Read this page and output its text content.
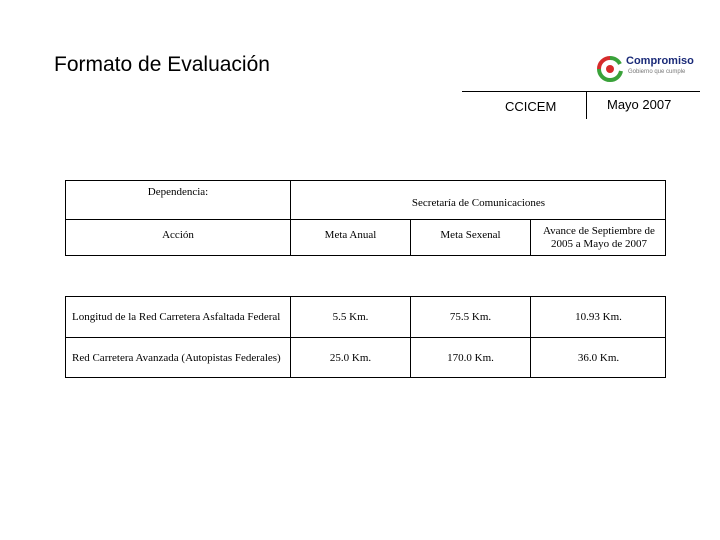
Formato de Evaluación	Compromiso
Gobierno que cumple
CCICEM	Mayo 2007
Dependencia:
Secretaría de Comunicaciones
Acción	Meta Anual	Meta Sexenal	Avance de Septiembre de 2005 a Mayo de 2007
Longitud de la Red Carretera Asfaltada Federal	5.5 Km.	75.5 Km.	10.93 Km.
Red Carretera Avanzada (Autopistas Federales)	25.0 Km.	170.0 Km.	36.0 Km.
